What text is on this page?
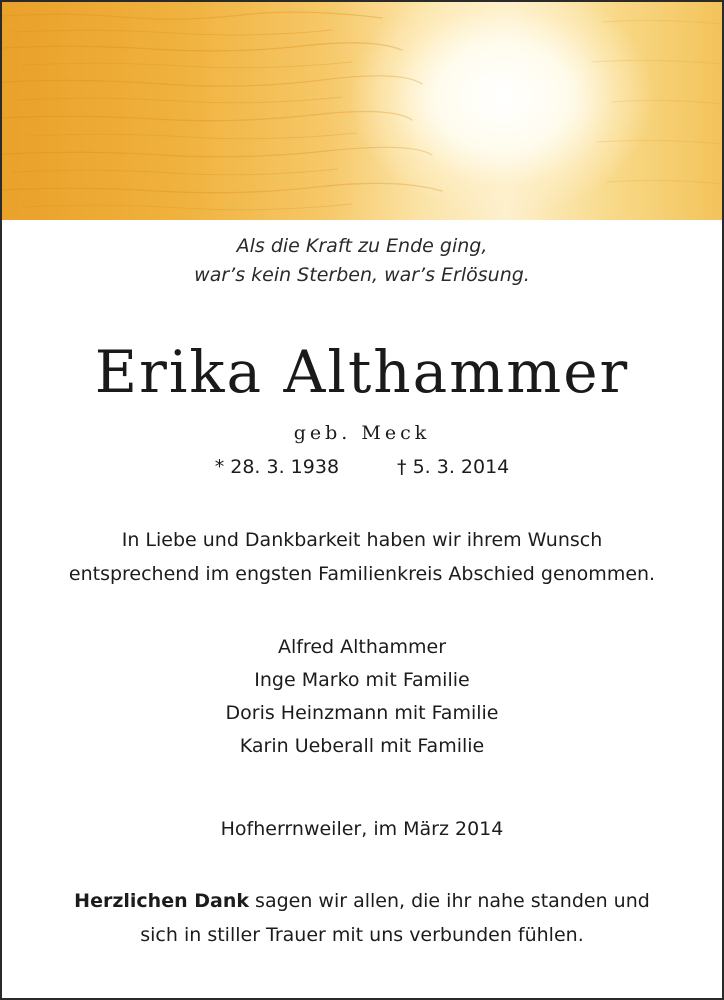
Als die Kraft zu Ende ging,
war’s kein Sterben, war’s Erlösung.
Erika Althammer
geb. Meck
* 28. 3. 1938	† 5. 3. 2014
In Liebe und Dankbarkeit haben wir ihrem Wunsch
entsprechend im engsten Familienkreis Abschied genommen.
Alfred Althammer
Inge Marko mit Familie
Doris Heinzmann mit Familie
Karin Ueberall mit Familie
Hofherrnweiler, im März 2014
Herzlichen Dank sagen wir allen, die ihr nahe standen und
sich in stiller Trauer mit uns verbunden fühlen.
